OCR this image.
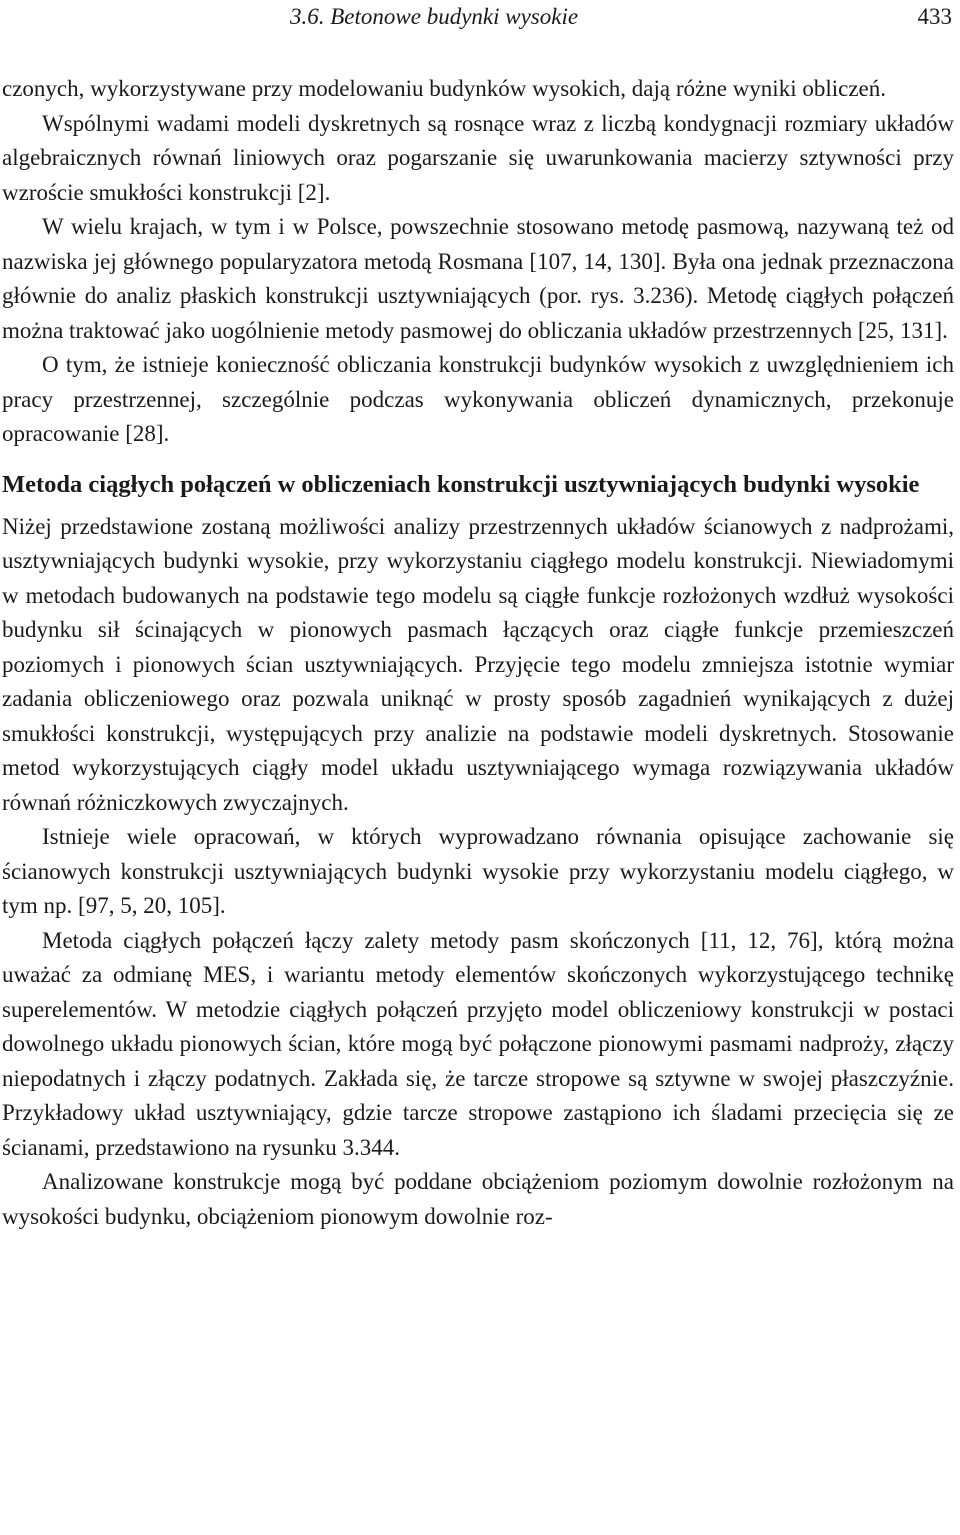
3.6. Betonowe budynki wysokie	433

czonych, wykorzystywane przy modelowaniu budynków wysokich, dają różne wyniki obliczeń.

Wspólnymi wadami modeli dyskretnych są rosnące wraz z liczbą kondygnacji rozmiary układów algebraicznych równań liniowych oraz pogarszanie się uwarunkowania macierzy sztywności przy wzroście smukłości konstrukcji [2].

W wielu krajach, w tym i w Polsce, powszechnie stosowano metodę pasmową, nazywaną też od nazwiska jej głównego popularyzatora metodą Rosmana [107, 14, 130]. Była ona jednak przeznaczona głównie do analiz płaskich konstrukcji usztywniających (por. rys. 3.236). Metodę ciągłych połączeń można traktować jako uogólnienie metody pasmowej do obliczania układów przestrzennych [25, 131].

O tym, że istnieje konieczność obliczania konstrukcji budynków wysokich z uwzględnieniem ich pracy przestrzennej, szczególnie podczas wykonywania obliczeń dynamicznych, przekonuje opracowanie [28].

Metoda ciągłych połączeń w obliczeniach konstrukcji usztywniających budynki wysokie

Niżej przedstawione zostaną możliwości analizy przestrzennych układów ścianowych z nadprożami, usztywniających budynki wysokie, przy wykorzystaniu ciągłego modelu konstrukcji. Niewiadomymi w metodach budowanych na podstawie tego modelu są ciągłe funkcje rozłożonych wzdłuż wysokości budynku sił ścinających w pionowych pasmach łączących oraz ciągłe funkcje przemieszczeń poziomych i pionowych ścian usztywniających. Przyjęcie tego modelu zmniejsza istotnie wymiar zadania obliczeniowego oraz pozwala uniknąć w prosty sposób zagadnień wynikających z dużej smukłości konstrukcji, występujących przy analizie na podstawie modeli dyskretnych. Stosowanie metod wykorzystujących ciągły model układu usztywniającego wymaga rozwiązywania układów równań różniczkowych zwyczajnych.

Istnieje wiele opracowań, w których wyprowadzano równania opisujące zachowanie się ścianowych konstrukcji usztywniających budynki wysokie przy wykorzystaniu modelu ciągłego, w tym np. [97, 5, 20, 105].

Metoda ciągłych połączeń łączy zalety metody pasm skończonych [11, 12, 76], którą można uważać za odmianę MES, i wariantu metody elementów skończonych wykorzystującego technikę superelementów. W metodzie ciągłych połączeń przyjęto model obliczeniowy konstrukcji w postaci dowolnego układu pionowych ścian, które mogą być połączone pionowymi pasmami nadproży, złączy niepodatnych i złączy podatnych. Zakłada się, że tarcze stropowe są sztywne w swojej płaszczyźnie. Przykładowy układ usztywniający, gdzie tarcze stropowe zastąpiono ich śladami przecięcia się ze ścianami, przedstawiono na rysunku 3.344.

Analizowane konstrukcje mogą być poddane obciążeniom poziomym dowolnie rozłożonym na wysokości budynku, obciążeniom pionowym dowolnie roz-
